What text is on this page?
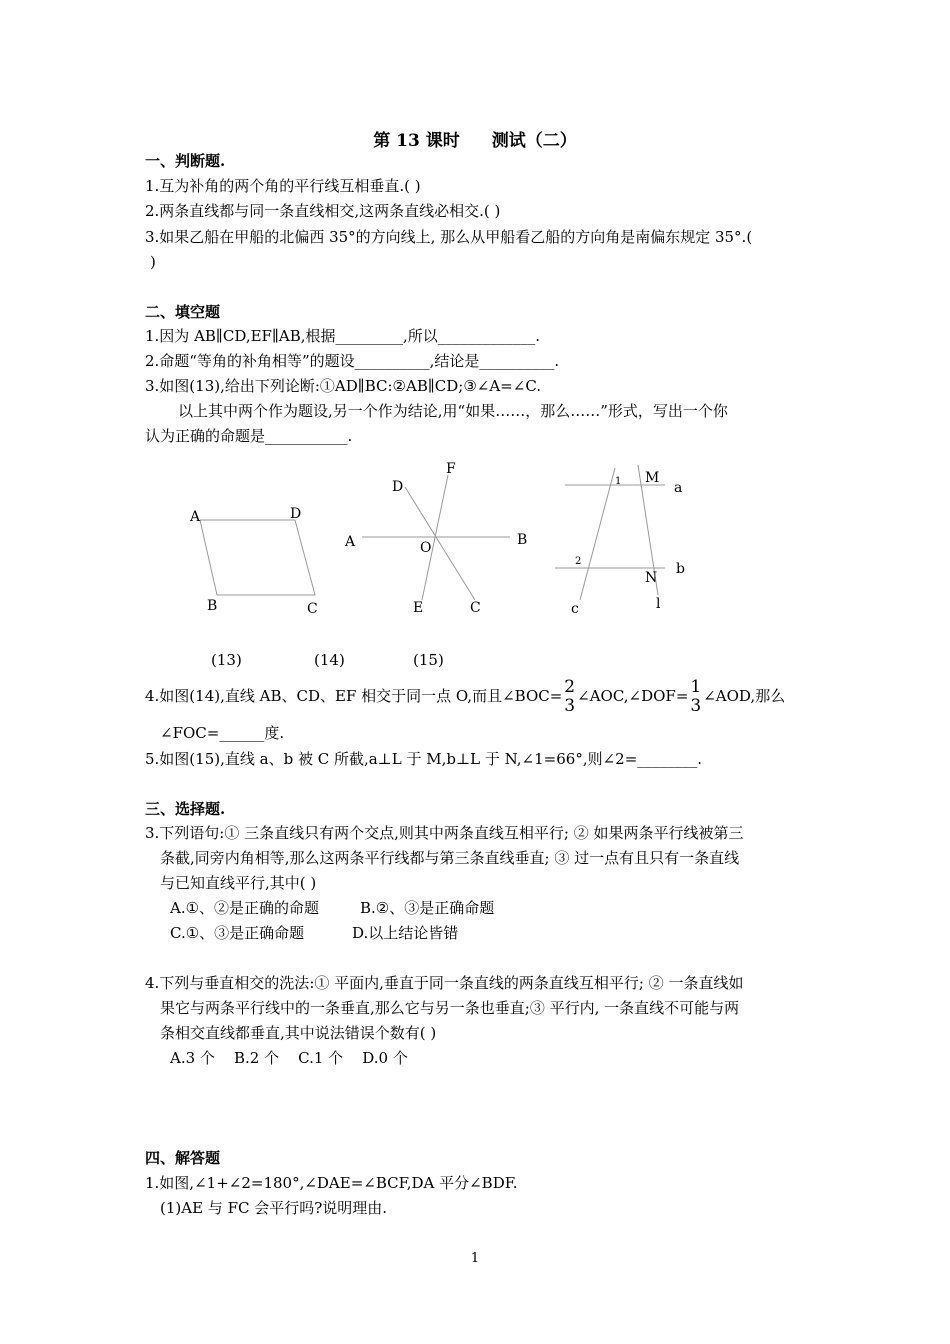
第 13 课时 测试（二）
一、判断题.
1.互为补角的两个角的平行线互相垂直.( )
2.两条直线都与同一条直线相交,这两条直线必相交.( )
3.如果乙船在甲船的北偏西 35°的方向线上, 那么从甲船看乙船的方向角是南偏东规定 35°.(
)
二、填空题
1.因为 AB∥CD,EF∥AB,根据_________,所以_____________.
2.命题“等角的补角相等”的题设__________,结论是__________.
3.如图(13),给出下列论断:①AD∥BC:②AB∥CD;③∠A=∠C.
以上其中两个作为题设,另一个作为结论,用“如果……，那么……”形式，写出一个你
认为正确的命题是___________.
A	D
B	C
D
F
A	O	B
E	C
1 M
a
2	b
N
c	l
(13)	(14)	(15)
4.如图(14),直线 AB、CD、EF 相交于同一点 O,而且∠BOC= 2
3 ∠AOC,∠DOF= 1
3 ∠AOD,那么
∠FOC=______度.
5.如图(15),直线 a、b 被 C 所截,a⊥L 于 M,b⊥L 于 N,∠1=66°,则∠2=________.
三、选择题.
3.下列语句:① 三条直线只有两个交点,则其中两条直线互相平行; ② 如果两条平行线被第三
条截,同旁内角相等,那么这两条平行线都与第三条直线垂直; ③ 过一点有且只有一条直线
与已知直线平行,其中( )
A.①、②是正确的命题	B.②、③是正确命题
C.①、③是正确命题	D.以上结论皆错
4.下列与垂直相交的洗法:① 平面内,垂直于同一条直线的两条直线互相平行; ② 一条直线如
果它与两条平行线中的一条垂直,那么它与另一条也垂直;③ 平行内, 一条直线不可能与两
条相交直线都垂直,其中说法错误个数有( )
A.3 个    B.2 个    C.1 个    D.0 个
四、解答题
1.如图,∠1+∠2=180°,∠DAE=∠BCF,DA 平分∠BDF.
(1)AE 与 FC 会平行吗?说明理由.
1
